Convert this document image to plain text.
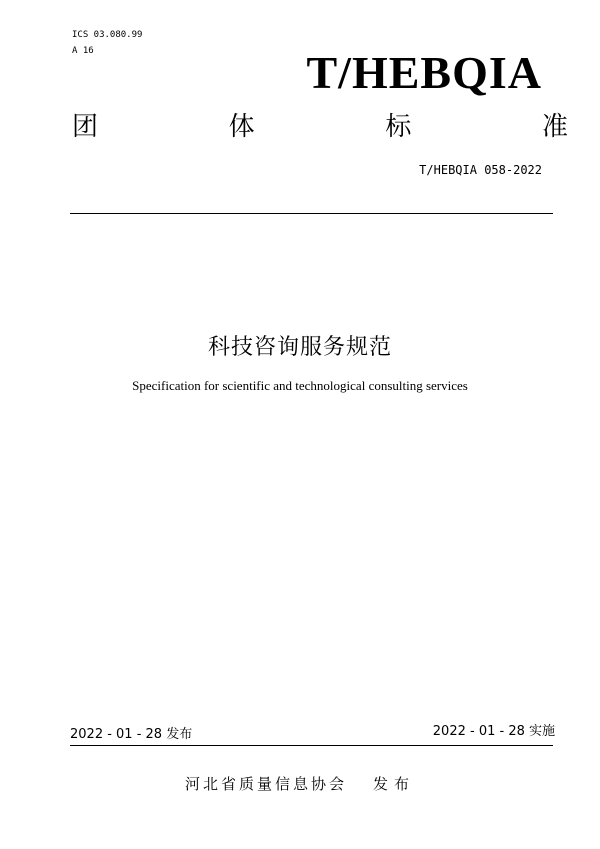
ICS 03.080.99
A 16	T/HEBQIA
团	体	标	准
T/HEBQIA 058-2022
科技咨询服务规范
Specification for scientific and technological consulting services
2022 - 01 - 28 发布	2022 - 01 - 28 实施
河北省质量信息协会 发布
